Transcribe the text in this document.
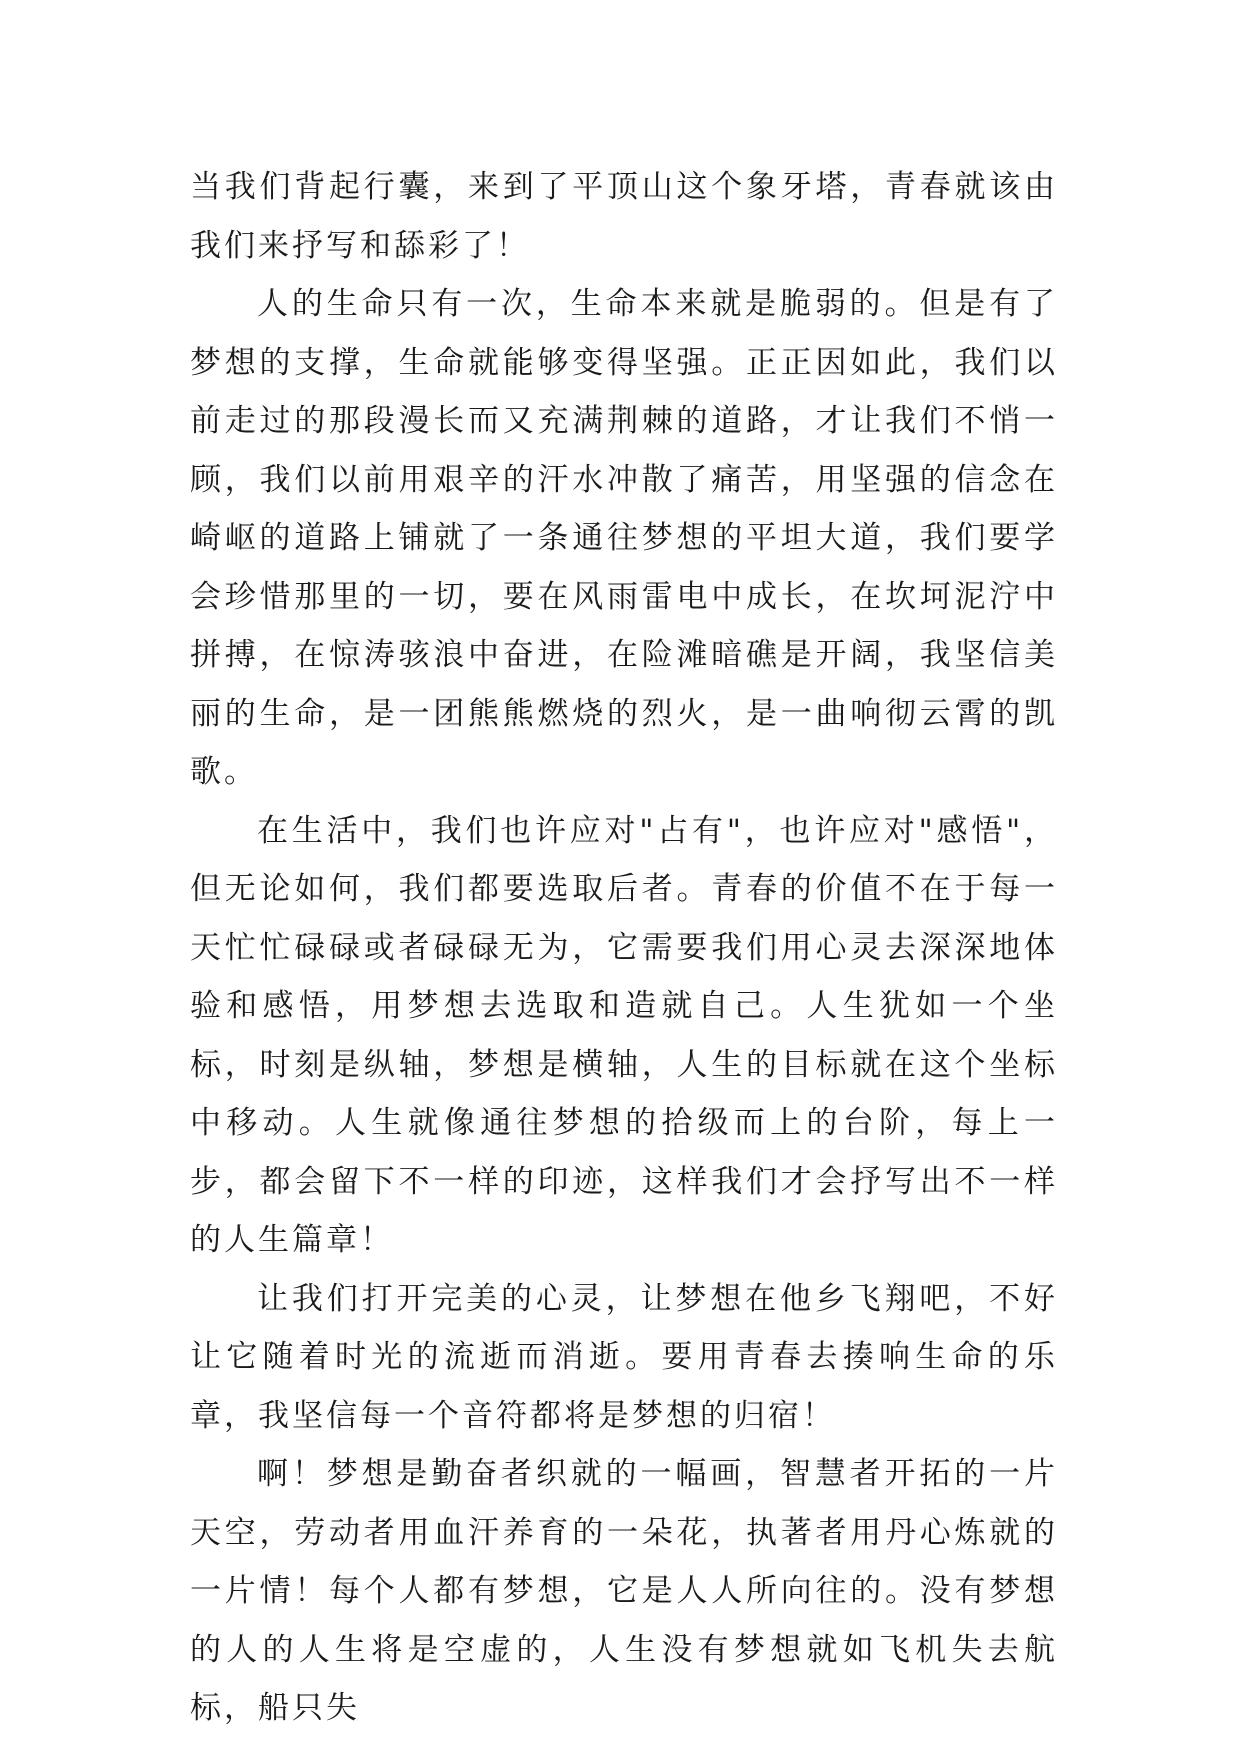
当我们背起行囊，来到了平顶山这个象牙塔，青春就该由我们来抒写和舔彩了！

人的生命只有一次，生命本来就是脆弱的。但是有了梦想的支撑，生命就能够变得坚强。正正因如此，我们以前走过的那段漫长而又充满荆棘的道路，才让我们不悄一顾，我们以前用艰辛的汗水冲散了痛苦，用坚强的信念在崎岖的道路上铺就了一条通往梦想的平坦大道，我们要学会珍惜那里的一切，要在风雨雷电中成长，在坎坷泥泞中拼搏，在惊涛骇浪中奋进，在险滩暗礁是开阔，我坚信美丽的生命，是一团熊熊燃烧的烈火，是一曲响彻云霄的凯歌。

在生活中，我们也许应对"占有"，也许应对"感悟"，但无论如何，我们都要选取后者。青春的价值不在于每一天忙忙碌碌或者碌碌无为，它需要我们用心灵去深深地体验和感悟，用梦想去选取和造就自己。人生犹如一个坐标，时刻是纵轴，梦想是横轴，人生的目标就在这个坐标中移动。人生就像通往梦想的拾级而上的台阶，每上一步，都会留下不一样的印迹，这样我们才会抒写出不一样的人生篇章！

让我们打开完美的心灵，让梦想在他乡飞翔吧，不好让它随着时光的流逝而消逝。要用青春去揍响生命的乐章，我坚信每一个音符都将是梦想的归宿！

啊！梦想是勤奋者织就的一幅画，智慧者开拓的一片天空，劳动者用血汗养育的一朵花，执著者用丹心炼就的一片情！每个人都有梦想，它是人人所向往的。没有梦想的人的人生将是空虚的，人生没有梦想就如飞机失去航标，船只失
